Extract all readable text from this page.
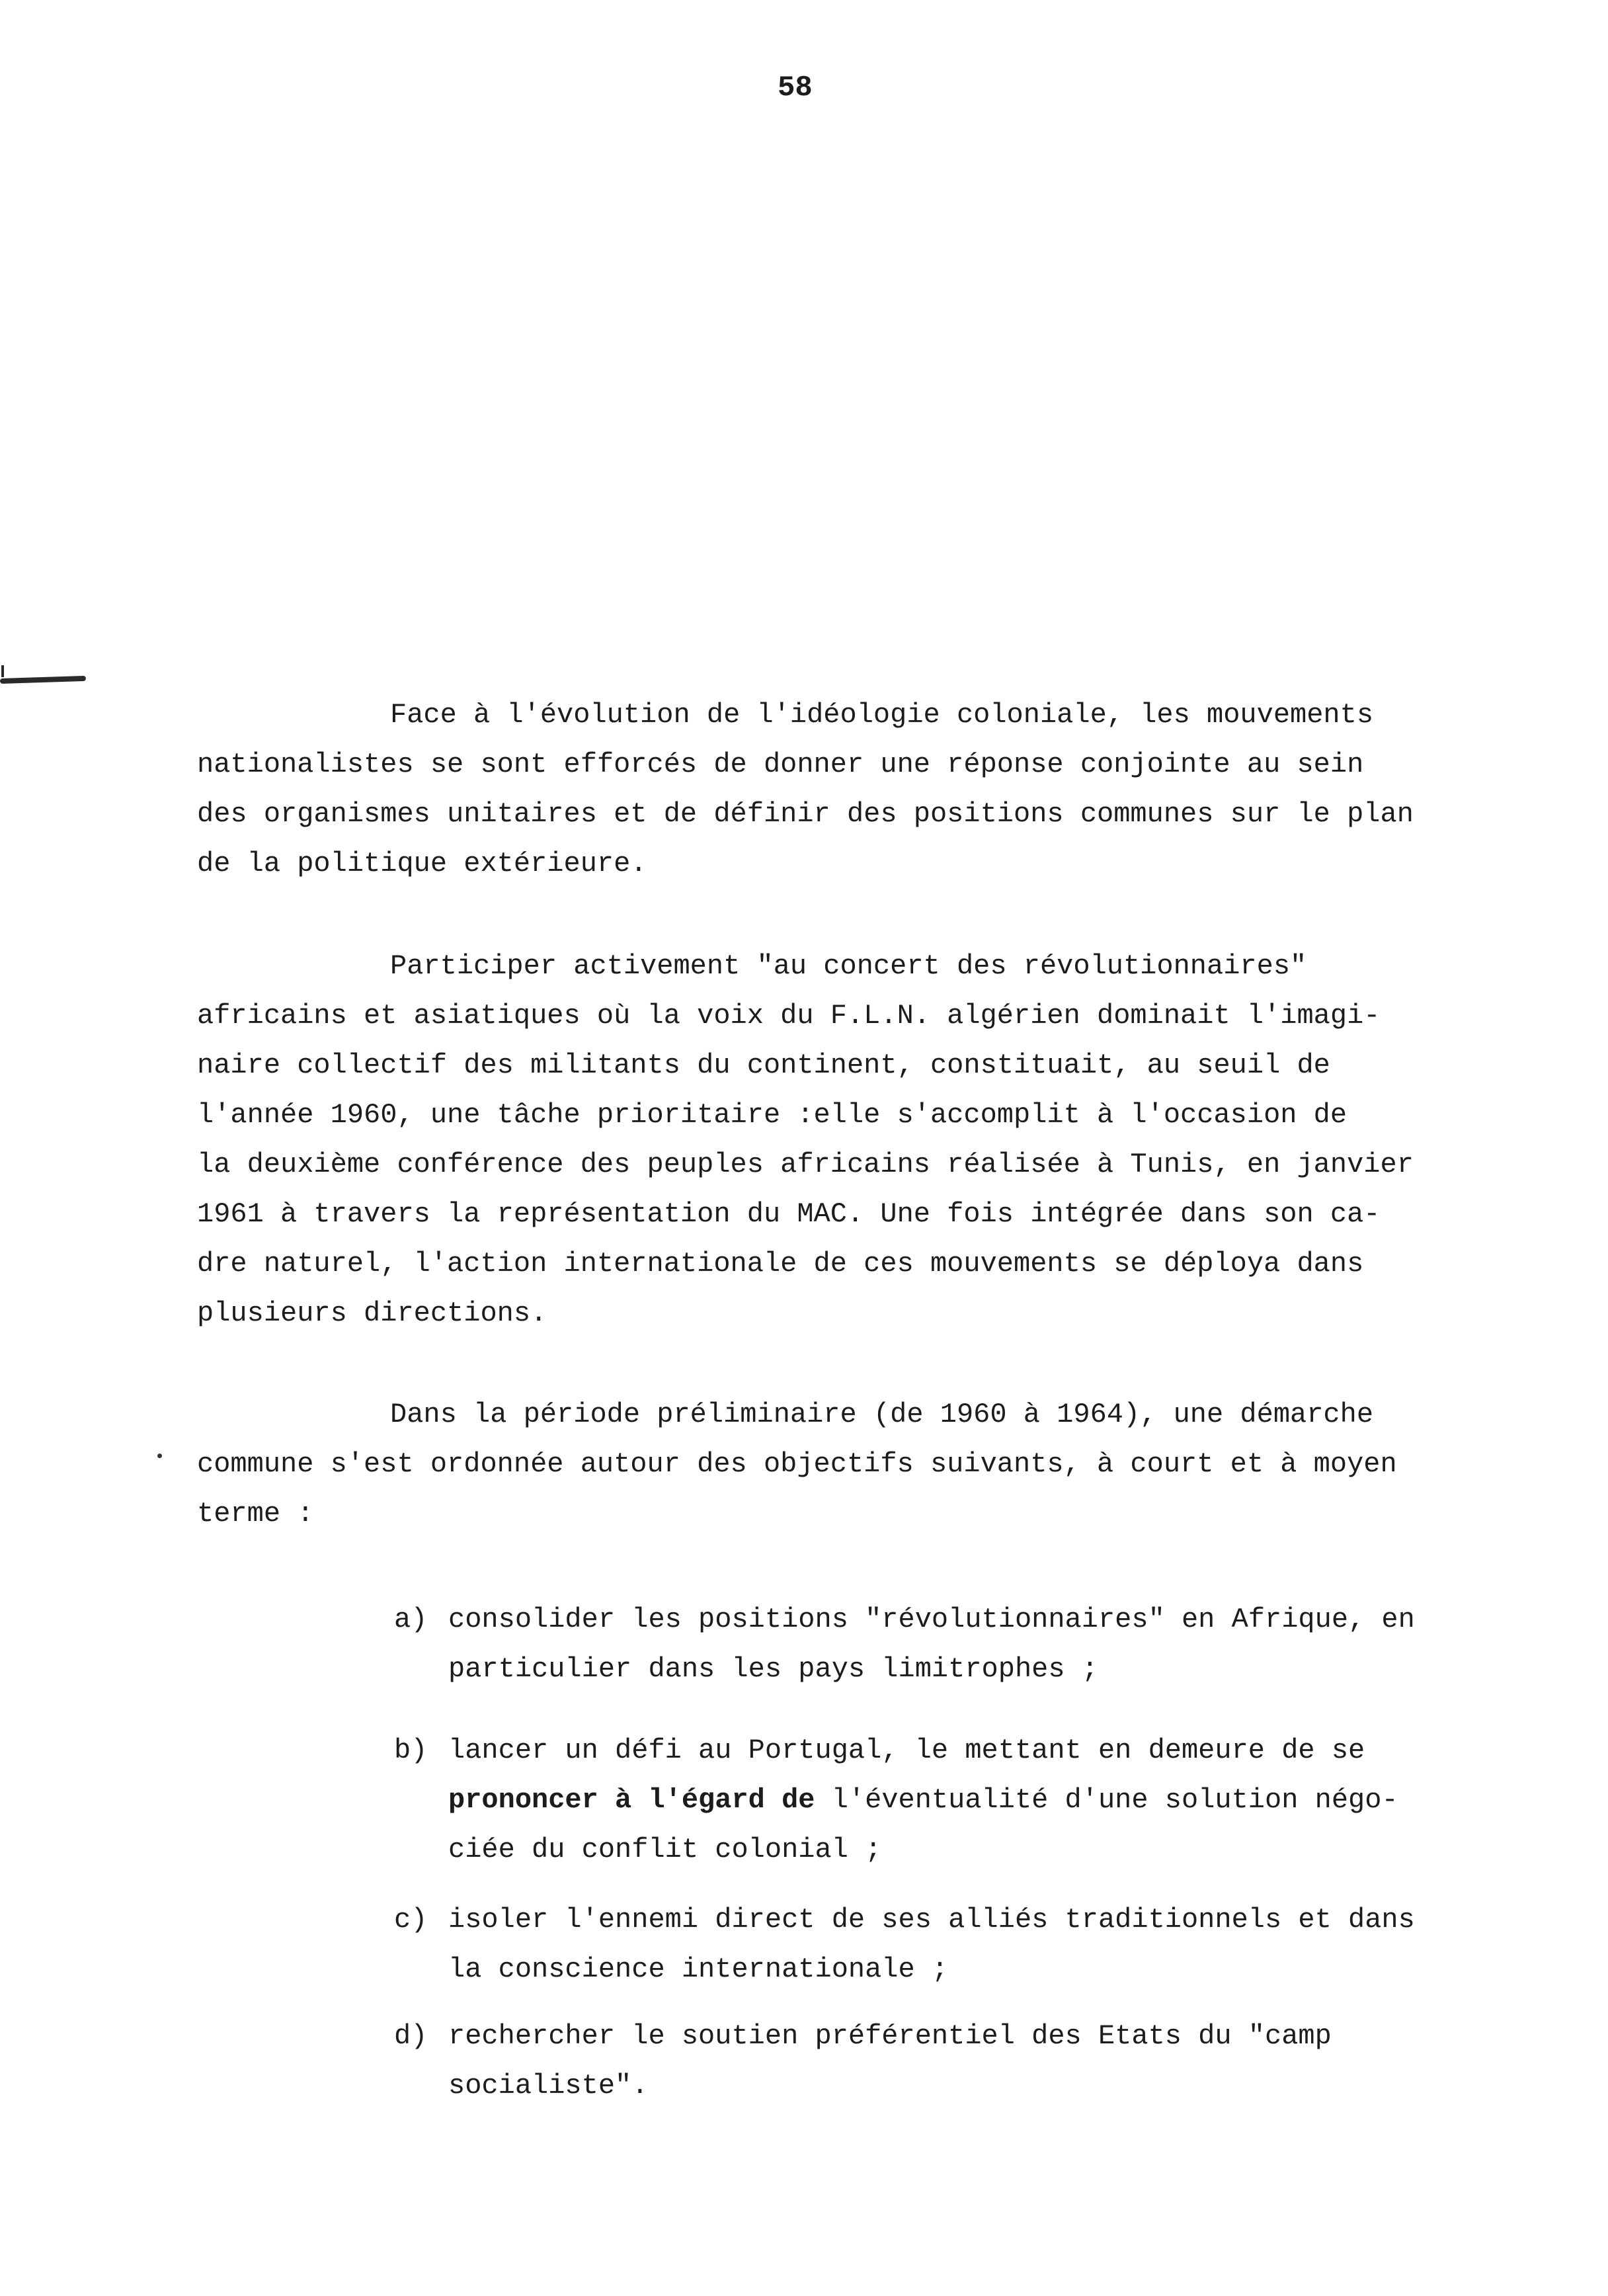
58
Face à l'évolution de l'idéologie coloniale, les mouvements
nationalistes se sont efforcés de donner une réponse conjointe au sein
des organismes unitaires et de définir des positions communes sur le plan
de la politique extérieure.
Participer activement "au concert des révolutionnaires"
africains et asiatiques où la voix du F.L.N. algérien dominait l'imagi-
naire collectif des militants du continent, constituait, au seuil de
l'année 1960, une tâche prioritaire :elle s'accomplit à l'occasion de
la deuxième conférence des peuples africains réalisée à Tunis, en janvier
1961 à travers la représentation du MAC. Une fois intégrée dans son ca-
dre naturel, l'action internationale de ces mouvements se déploya dans
plusieurs directions.
Dans la période préliminaire (de 1960 à 1964), une démarche
commune s'est ordonnée autour des objectifs suivants, à court et à moyen
terme :
a) consolider les positions "révolutionnaires" en Afrique, en
particulier dans les pays limitrophes ;
b) lancer un défi au Portugal, le mettant en demeure de se
prononcer à l'égard de l'éventualité d'une solution négo-
ciée du conflit colonial ;
c) isoler l'ennemi direct de ses alliés traditionnels et dans
la conscience internationale ;
d) rechercher le soutien préférentiel des Etats du "camp
socialiste".
